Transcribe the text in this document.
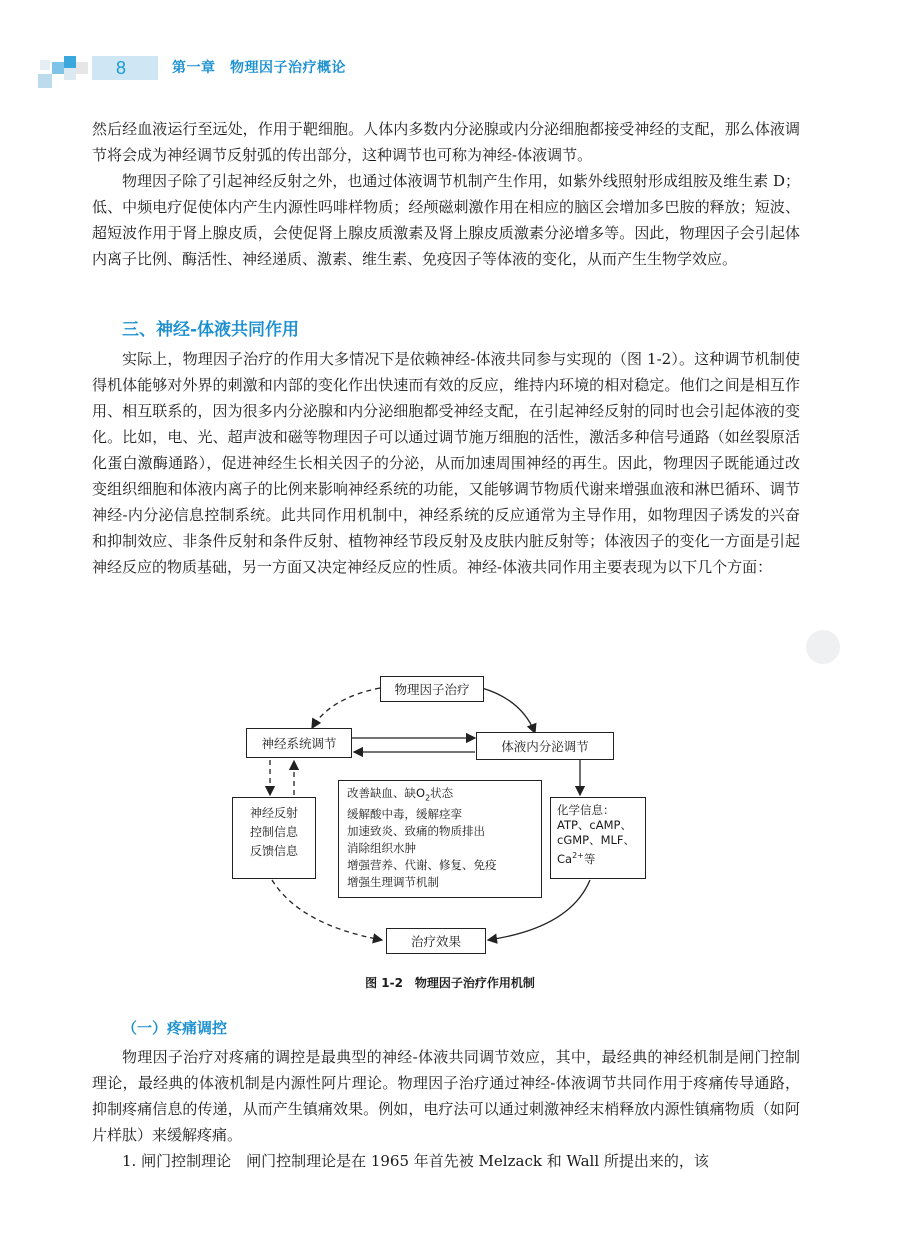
8	第一章　物理因子治疗概论

然后经血液运行至远处，作用于靶细胞。人体内多数内分泌腺或内分泌细胞都接受神经的支配，那么体液调节将会成为神经调节反射弧的传出部分，这种调节也可称为神经-体液调节。

物理因子除了引起神经反射之外，也通过体液调节机制产生作用，如紫外线照射形成组胺及维生素 D；低、中频电疗促使体内产生内源性吗啡样物质；经颅磁刺激作用在相应的脑区会增加多巴胺的释放；短波、超短波作用于肾上腺皮质，会使促肾上腺皮质激素及肾上腺皮质激素分泌增多等。因此，物理因子会引起体内离子比例、酶活性、神经递质、激素、维生素、免疫因子等体液的变化，从而产生生物学效应。

三、神经-体液共同作用

实际上，物理因子治疗的作用大多情况下是依赖神经-体液共同参与实现的（图 1-2）。这种调节机制使得机体能够对外界的刺激和内部的变化作出快速而有效的反应，维持内环境的相对稳定。他们之间是相互作用、相互联系的，因为很多内分泌腺和内分泌细胞都受神经支配，在引起神经反射的同时也会引起体液的变化。比如，电、光、超声波和磁等物理因子可以通过调节施万细胞的活性，激活多种信号通路（如丝裂原活化蛋白激酶通路），促进神经生长相关因子的分泌，从而加速周围神经的再生。因此，物理因子既能通过改变组织细胞和体液内离子的比例来影响神经系统的功能，又能够调节物质代谢来增强血液和淋巴循环、调节神经-内分泌信息控制系统。此共同作用机制中，神经系统的反应通常为主导作用，如物理因子诱发的兴奋和抑制效应、非条件反射和条件反射、植物神经节段反射及皮肤内脏反射等；体液因子的变化一方面是引起神经反应的物质基础，另一方面又决定神经反应的性质。神经-体液共同作用主要表现为以下几个方面：

物理因子治疗
神经系统调节	体液内分泌调节
神经反射
控制信息
反馈信息
改善缺血、缺$O_2$状态
缓解酸中毒，缓解痉挛
加速致炎、致痛的物质排出
消除组织水肿
增强营养、代谢、修复、免疫
增强生理调节机制
化学信息：
ATP、cAMP、
cGMP、MLF、
$Ca^{2+}$等
治疗效果
图 1-2　物理因子治疗作用机制
（一）疼痛调控

物理因子治疗对疼痛的调控是最典型的神经-体液共同调节效应，其中，最经典的神经机制是闸门控制理论，最经典的体液机制是内源性阿片理论。物理因子治疗通过神经-体液调节共同作用于疼痛传导通路，抑制疼痛信息的传递，从而产生镇痛效果。例如，电疗法可以通过刺激神经末梢释放内源性镇痛物质（如阿片样肽）来缓解疼痛。

1. 闸门控制理论　闸门控制理论是在 1965 年首先被 Melzack 和 Wall 所提出来的，该
